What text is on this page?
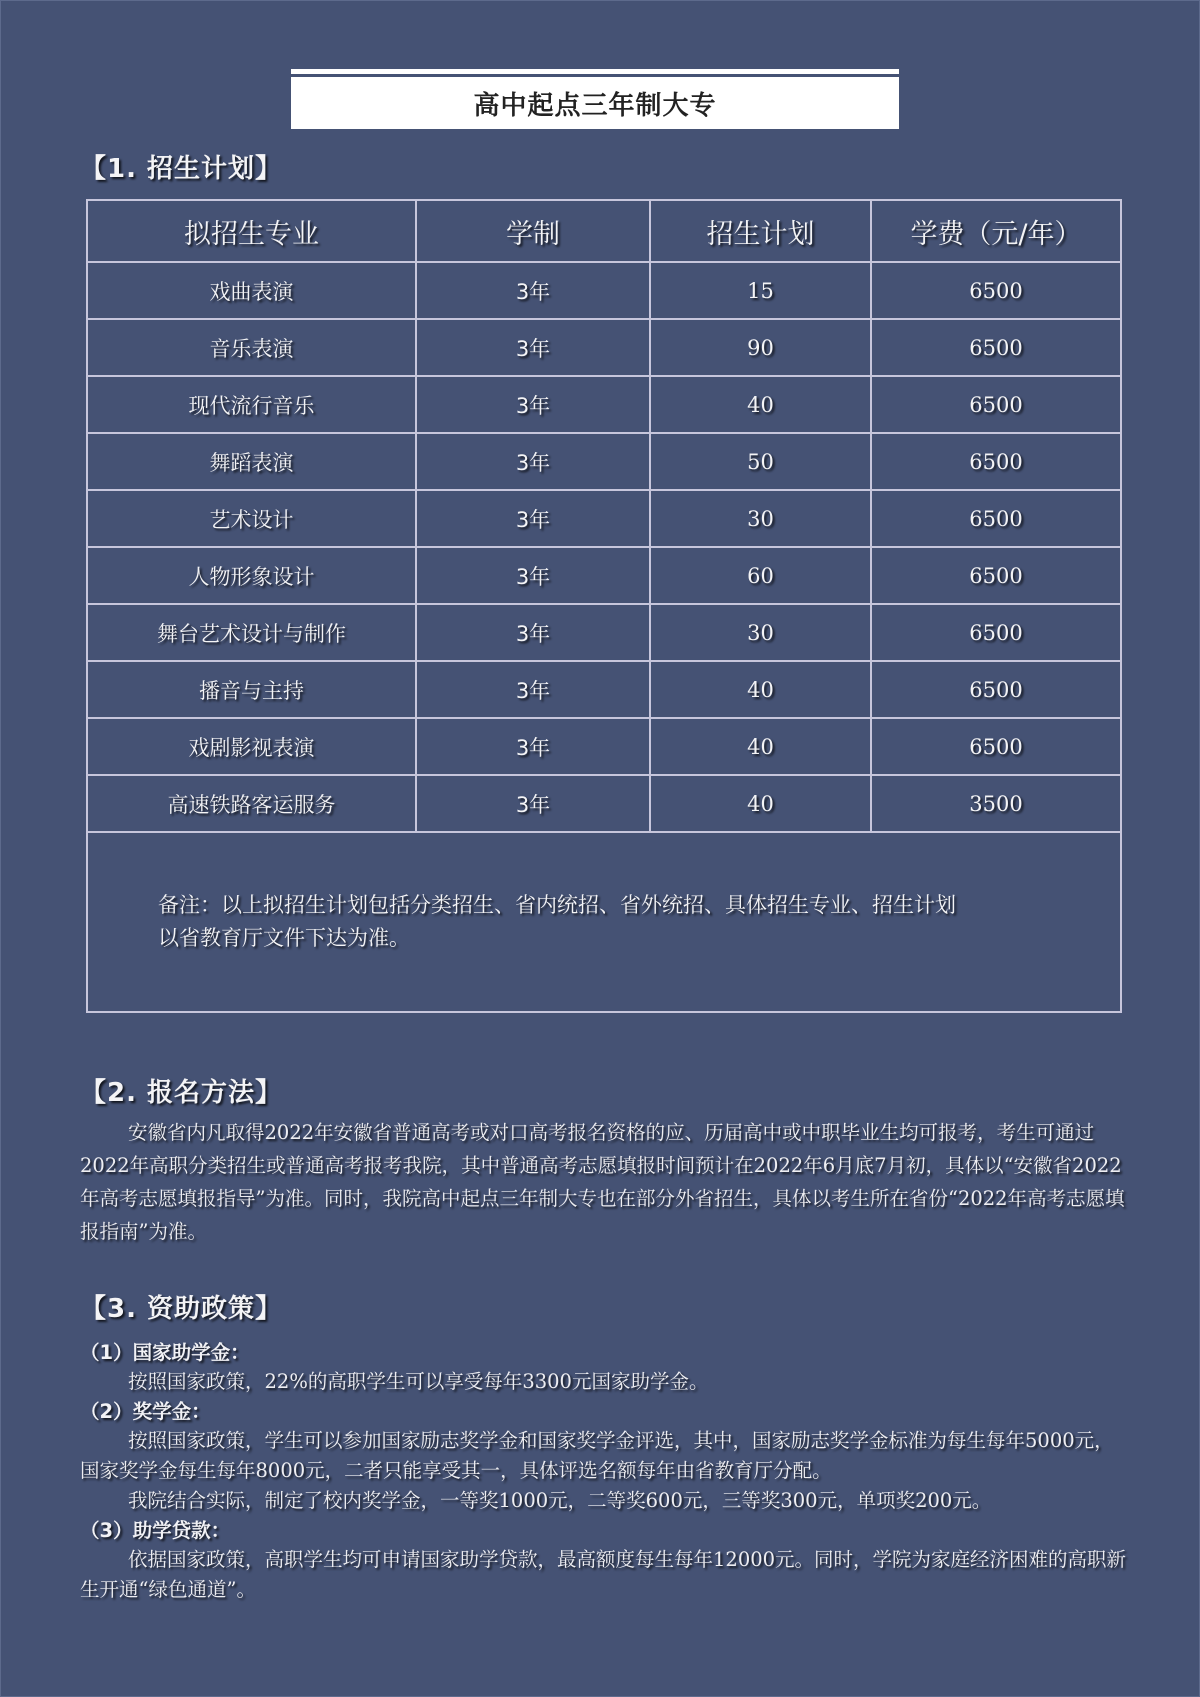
高中起点三年制大专
【1. 招生计划】
拟招生专业	学制	招生计划	学费（元/年）
戏曲表演	3年	15	6500
音乐表演	3年	90	6500
现代流行音乐	3年	40	6500
舞蹈表演	3年	50	6500
艺术设计	3年	30	6500
人物形象设计	3年	60	6500
舞台艺术设计与制作	3年	30	6500
播音与主持	3年	40	6500
戏剧影视表演	3年	40	6500
高速铁路客运服务	3年	40	3500

备注：以上拟招生计划包括分类招生、省内统招、省外统招、具体招生专业、招生计划
以省教育厅文件下达为准。			
【2. 报名方法】
安徽省内凡取得2022年安徽省普通高考或对口高考报名资格的应、历届高中或中职毕业生均可报考，考生可通过2022年高职分类招生或普通高考报考我院，其中普通高考志愿填报时间预计在2022年6月底7月初，具体以“安徽省2022年高考志愿填报指导”为准。同时，我院高中起点三年制大专也在部分外省招生，具体以考生所在省份“2022年高考志愿填报指南”为准。
【3. 资助政策】
（1）国家助学金：
按照国家政策，22%的高职学生可以享受每年3300元国家助学金。
（2）奖学金：
按照国家政策，学生可以参加国家励志奖学金和国家奖学金评选，其中，国家励志奖学金标准为每生每年5000元，国家奖学金每生每年8000元，二者只能享受其一，具体评选名额每年由省教育厅分配。
我院结合实际，制定了校内奖学金，一等奖1000元，二等奖600元，三等奖300元，单项奖200元。
（3）助学贷款：
依据国家政策，高职学生均可申请国家助学贷款，最高额度每生每年12000元。同时，学院为家庭经济困难的高职新生开通“绿色通道”。
